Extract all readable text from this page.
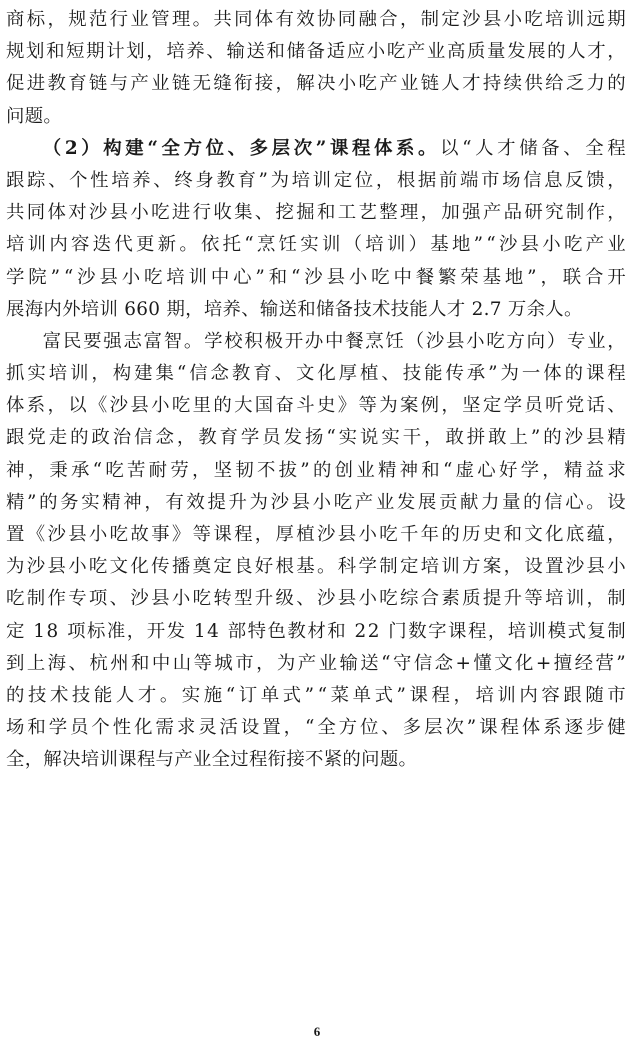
商标，规范行业管理。共同体有效协同融合，制定沙县小吃培训远期
规划和短期计划，培养、输送和储备适应小吃产业高质量发展的人才，
促进教育链与产业链无缝衔接，解决小吃产业链人才持续供给乏力的
问题。
（2）构建“全方位、多层次”课程体系。以“人才储备、全程
跟踪、个性培养、终身教育”为培训定位，根据前端市场信息反馈，
共同体对沙县小吃进行收集、挖掘和工艺整理，加强产品研究制作，
培训内容迭代更新。依托“烹饪实训（培训）基地”“沙县小吃产业
学院”“沙县小吃培训中心”和“沙县小吃中餐繁荣基地”，联合开
展海内外培训 660 期，培养、输送和储备技术技能人才 2.7 万余人。
富民要强志富智。学校积极开办中餐烹饪（沙县小吃方向）专业，
抓实培训，构建集“信念教育、文化厚植、技能传承”为一体的课程
体系，以《沙县小吃里的大国奋斗史》等为案例，坚定学员听党话、
跟党走的政治信念，教育学员发扬“实说实干，敢拼敢上”的沙县精
神，秉承“吃苦耐劳，坚韧不拔”的创业精神和“虚心好学，精益求
精”的务实精神，有效提升为沙县小吃产业发展贡献力量的信心。设
置《沙县小吃故事》等课程，厚植沙县小吃千年的历史和文化底蕴，
为沙县小吃文化传播奠定良好根基。科学制定培训方案，设置沙县小
吃制作专项、沙县小吃转型升级、沙县小吃综合素质提升等培训，制
定 18 项标准，开发 14 部特色教材和 22 门数字课程，培训模式复制
到上海、杭州和中山等城市，为产业输送“守信念+懂文化+擅经营”
的技术技能人才。实施“订单式”“菜单式”课程，培训内容跟随市
场和学员个性化需求灵活设置，“全方位、多层次”课程体系逐步健
全，解决培训课程与产业全过程衔接不紧的问题。
6
